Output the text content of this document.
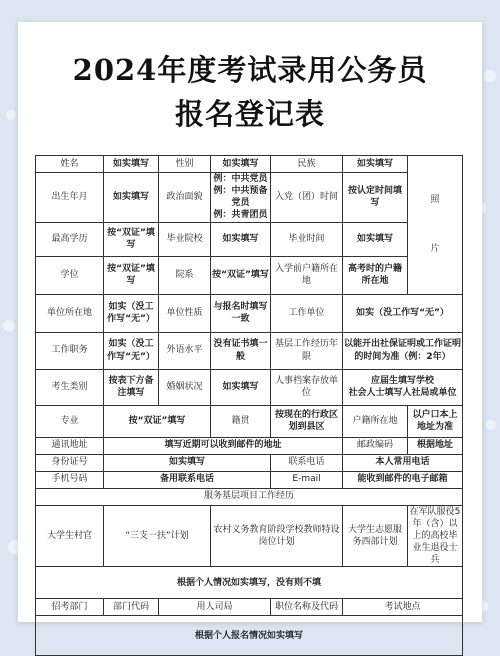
2024年度考试录用公务员
报名登记表
姓名	如实填写	性别	如实填写	民族	如实填写	照

片

出生年月	如实填写	政治面貌	例：中共党员
例：中共预备党员
例：共青团员	入党（团）时间	按认定时间填写	
最高学历	按“双证”填写	毕业院校	如实填写	毕业时间	如实填写	
学位	按“双证”填写	院系	按“双证”填写	入学前户籍所在地	高考时的户籍所在地	
单位所在地	如实（没工作写“无”）	单位性质	与报名时填写一致	工作单位	如实（没工作写“无”）	
工作职务	如实（没工作写“无”）	外语水平	没有证书填一般	基层工作经历年限	以能开出社保证明或工作证明的时间为准（例：2年）	
考生类别	按表下方备注填写	婚姻状况	如实填写	人事档案存放单位	应届生填写学校
社会人士填写人社局或单位	
专业	按“双证”填写		籍贯	按现在的行政区划到县区	户籍所在地	以户口本上地址为准
通讯地址	填写近期可以收到邮件的地址				邮政编码	根据地址
身份证号	如实填写			联系电话	本人常用电话	
手机号码	备用联系电话			E-mail	能收到邮件的电子邮箱	
服务基层项目工作经历						
大学生村官	“三支一扶”计划		农村义务教育阶段学校教师特设岗位计划		大学生志愿服务西部计划	在军队服役5年（含）以上的高校毕业生退役士兵
根据个人情况如实填写，没有则不填						
招考部门	部门代码	用人司局		职位名称及代码	考试地点	
根据个人报名情况如实填写						
